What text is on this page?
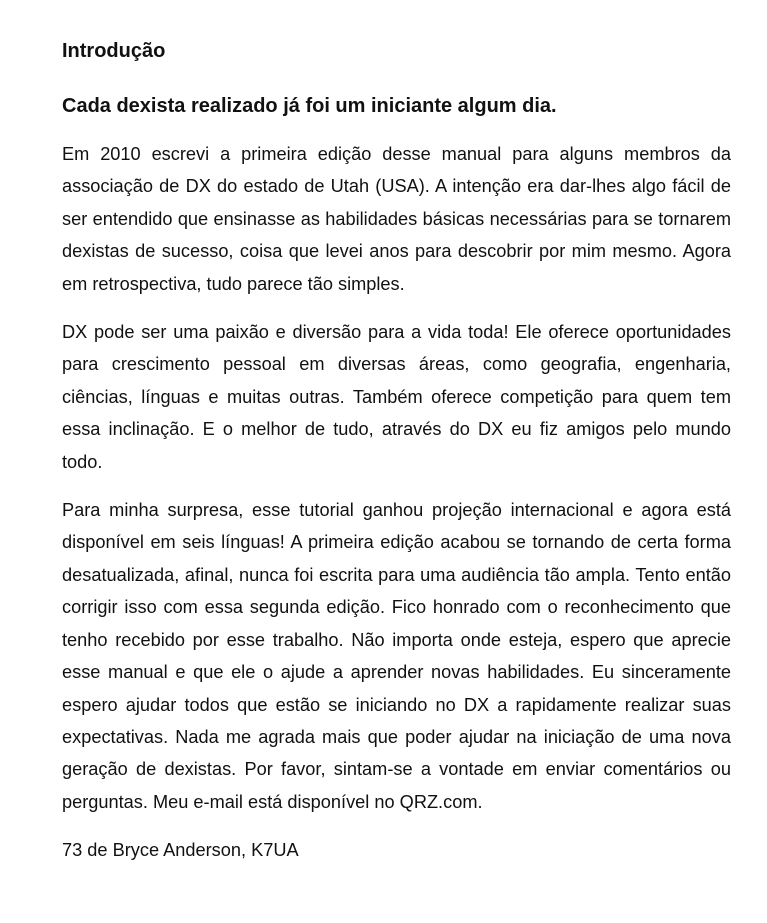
Introdução
Cada dexista realizado já foi um iniciante algum dia.

Em 2010 escrevi a primeira edição desse manual para alguns membros da associação de DX do estado de Utah (USA). A intenção era dar-lhes algo fácil de ser entendido que ensinasse as habilidades básicas necessárias para se tornarem dexistas de sucesso, coisa que levei anos para descobrir por mim mesmo. Agora em retrospectiva, tudo parece tão simples.

DX pode ser uma paixão e diversão para a vida toda! Ele oferece oportunidades para crescimento pessoal em diversas áreas, como geografia, engenharia, ciências, línguas e muitas outras. Também oferece competição para quem tem essa inclinação. E o melhor de tudo, através do DX eu fiz amigos pelo mundo todo.

Para minha surpresa, esse tutorial ganhou projeção internacional e agora está disponível em seis línguas! A primeira edição acabou se tornando de certa forma desatualizada, afinal, nunca foi escrita para uma audiência tão ampla. Tento então corrigir isso com essa segunda edição. Fico honrado com o reconhecimento que tenho recebido por esse trabalho. Não importa onde esteja, espero que aprecie esse manual e que ele o ajude a aprender novas habilidades. Eu sinceramente espero ajudar todos que estão se iniciando no DX a rapidamente realizar suas expectativas. Nada me agrada mais que poder ajudar na iniciação de uma nova geração de dexistas. Por favor, sintam-se a vontade em enviar comentários ou perguntas. Meu e-mail está disponível no QRZ.com.

73 de Bryce Anderson, K7UA
